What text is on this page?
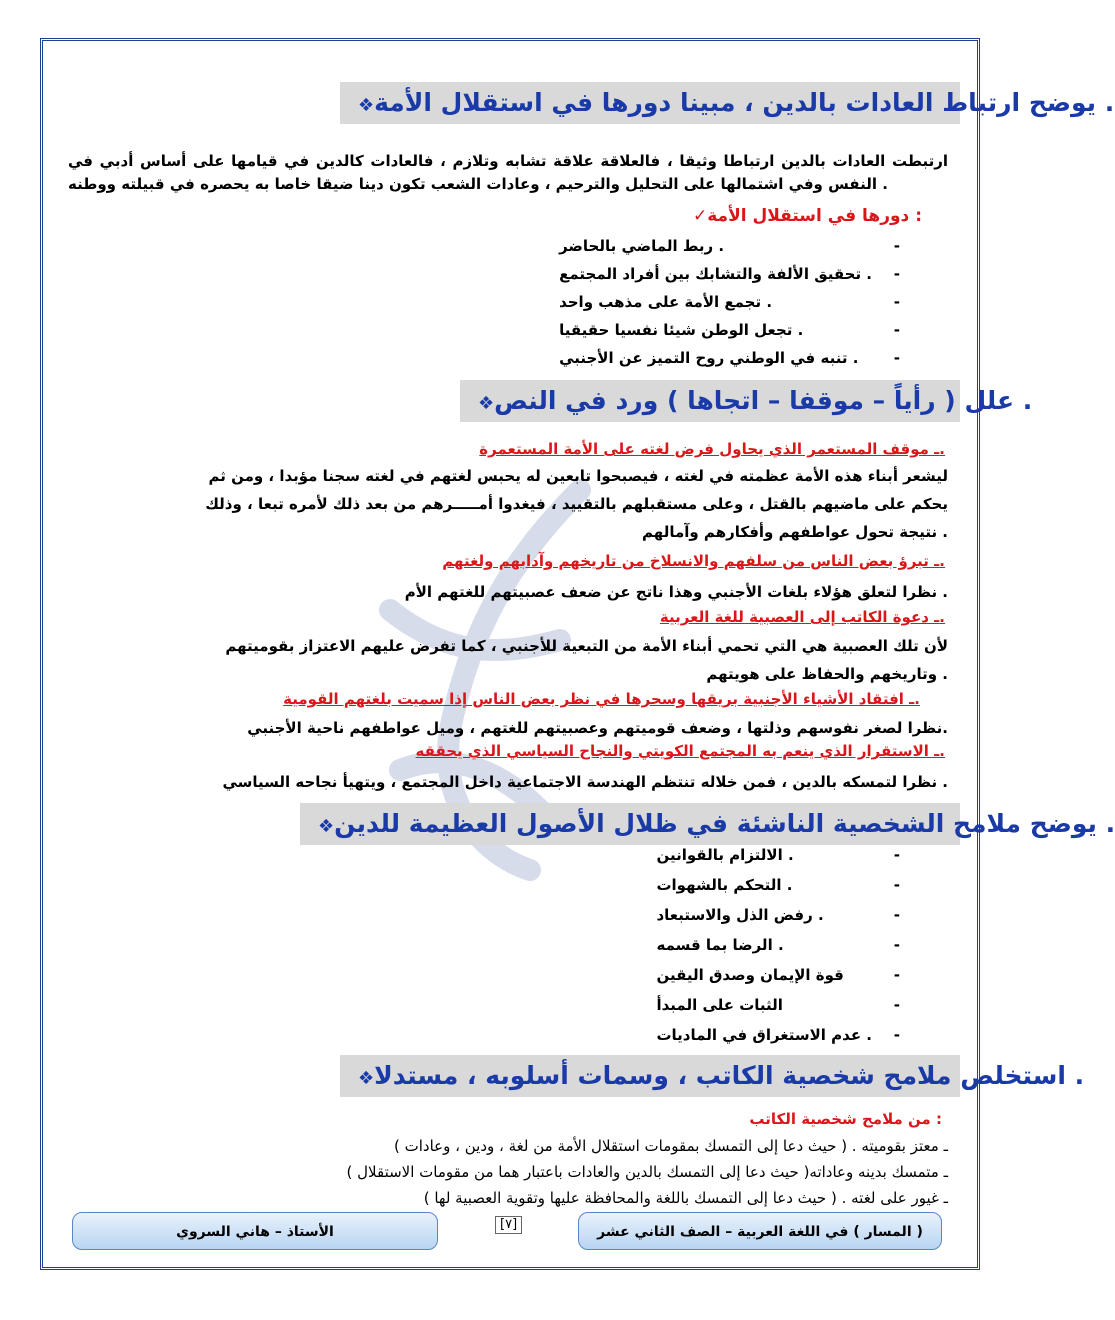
❖يوضح ارتباط العادات بالدين ، مبينا دورها في استقلال الأمة .
ارتبطت العادات بالدين ارتباطا وثيقا ، فالعلاقة علاقة تشابه وتلازم ، فالعادات كالدين في قيامها على أساس أدبي في النفس وفي اشتمالها على التحليل والترحيم ، وعادات الشعب تكون دينا ضيقا خاصا به يحصره في قبيلته ووطنه .
✓دورها في استقلال الأمة :
- ربط الماضي بالحاضر .
- تحقيق الألفة والتشابك بين أفراد المجتمع .
- تجمع الأمة على مذهب واحد .
- تجعل الوطن شيئا نفسيا حقيقيا .
- تنبه في الوطني روح التميز عن الأجنبي .
❖علل ( رأياً – موقفا – اتجاها ) ورد في النص .
ـ موقف المستعمر الذي يحاول فرض لغته على الأمة المستعمرة.
ليشعر أبناء هذه الأمة عظمته في لغته ، فيصبحوا تابعين له يحبس لغتهم في لغته سجنا مؤبدا ، ومن ثم
يحكم على ماضيهم بالقتل ، وعلى مستقبلهم بالتقييد ، فيغدوا أمـــــرهم من بعد ذلك لأمره تبعا ، وذلك
نتيجة تحول عواطفهم وأفكارهم وآمالهم .
ـ تبرؤ بعض الناس من سلفهم والانسلاخ من تاريخهم وآدابهم ولغتهم.
نظرا لتعلق هؤلاء بلغات الأجنبي وهذا ناتج عن ضعف عصبيتهم للغتهم الأم .
ـ دعوة الكاتب إلى العصبية للغة العربية.
لأن تلك العصبية هي التي تحمي أبناء الأمة من التبعية للأجنبي ، كما تفرض عليهم الاعتزاز بقوميتهم
وتاريخهم والحفاظ على هويتهم .
ـ افتقاد الأشياء الأجنبية بريقها وسحرها في نظر بعض الناس إذا سميت بلغتهم القومية.
نظرا لصغر نفوسهم وذلتها ، وضعف قوميتهم وعصبيتهم للغتهم ، وميل عواطفهم ناحية الأجنبي.
ـ الاستقرار الذي ينعم به المجتمع الكويتي والنجاح السياسي الذي يحققه.
نظرا لتمسكه بالدين ، فمن خلاله تنتظم الهندسة الاجتماعية داخل المجتمع ، ويتهيأ نجاحه السياسي .
❖يوضح ملامح الشخصية الناشئة في ظلال الأصول العظيمة للدين .
- الالتزام بالقوانين .
- التحكم بالشهوات .
- رفض الذل والاستبعاد .
- الرضا بما قسمه .
- قوة الإيمان وصدق اليقين
- الثبات على المبدأ
- عدم الاستغراق في الماديات .
❖استخلص ملامح شخصية الكاتب ، وسمات أسلوبه ، مستدلا .
من ملامح شخصية الكاتب :
ـ معتز بقوميته . ( حيث دعا إلى التمسك بمقومات استقلال الأمة من لغة ، ودين ، وعادات )
ـ متمسك بدينه وعاداته( حيث دعا إلى التمسك بالدين والعادات باعتبار هما من مقومات الاستقلال )
ـ غيور على لغته . ( حيث دعا إلى التمسك باللغة والمحافظة عليها وتقوية العصبية لها )
( المسار ) في اللغة العربية – الصف الثاني عشر
[٧]
الأستاذ – هاني السروي
